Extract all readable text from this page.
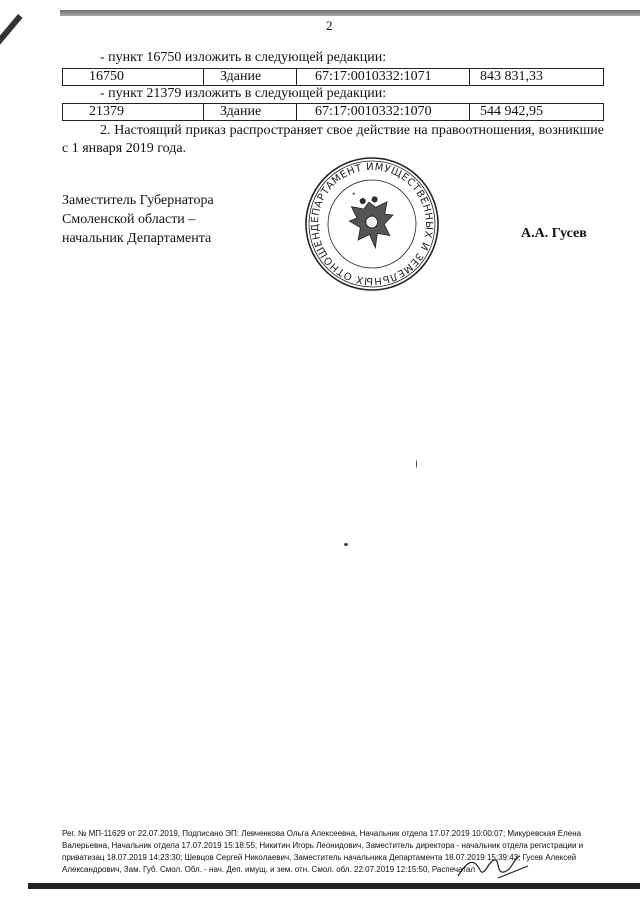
2
- пункт 16750 изложить в следующей редакции:
16750	Здание	67:17:0010332:1071	843 831,33
- пункт 21379 изложить в следующей редакции:
21379	Здание	67:17:0010332:1070	544 942,95
2. Настоящий приказ распространяет свое действие на правоотношения, возникшие с 1 января 2019 года.
Заместитель Губернатора
Смоленской области –
начальник Департамента
ДЕПАРТАМЕНТ ИМУЩЕСТВЕННЫХ И ЗЕМЕЛЬНЫХ ОТНОШЕНИЙ
•
А.А. Гусев
Рег. № МП-11629 от 22.07.2019, Подписано ЭП: Левченкова Ольга Алексеевна, Начальник отдела 17.07.2019 10:00:07; Микуревская Елена
Валерьевна, Начальник отдела 17.07.2019 15:18:55; Никитин Игорь Леонидович, Заместитель директора - начальник отдела регистрации и
приватизац 18.07.2019 14:23:30; Шевцов Сергей Николаевич, Заместитель начальника Департамента 18.07.2019 15:39:43; Гусев Алексей
Александрович, Зам. Губ. Смол. Обл. - нач. Деп. имущ. и зем. отн. Смол. обл. 22.07.2019 12:15:50, Распечатал
